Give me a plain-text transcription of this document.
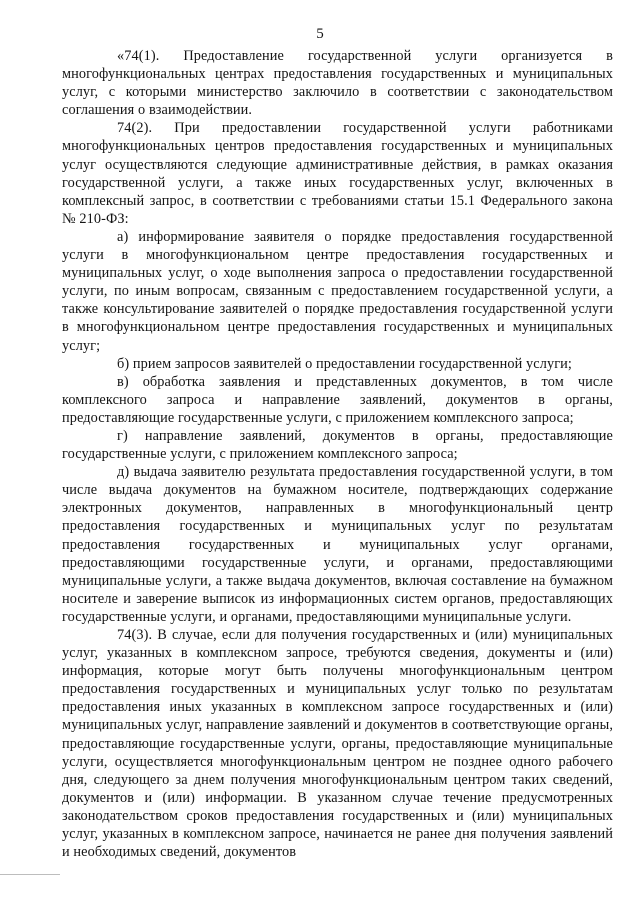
5

«74(1). Предоставление государственной услуги организуется в многофункциональных центрах предоставления государственных и муниципальных услуг, с которыми министерство заключило в соответствии с законодательством соглашения о взаимодействии.

74(2). При предоставлении государственной услуги работниками многофункциональных центров предоставления государственных и муниципальных услуг осуществляются следующие административные действия, в рамках оказания государственной услуги, а также иных государственных услуг, включенных в комплексный запрос, в соответствии с требованиями статьи 15.1 Федерального закона № 210-ФЗ:

а) информирование заявителя о порядке предоставления государственной услуги в многофункциональном центре предоставления государственных и муниципальных услуг, о ходе выполнения запроса о предоставлении государственной услуги, по иным вопросам, связанным с предоставлением государственной услуги, а также консультирование заявителей о порядке предоставления государственной услуги в многофункциональном центре предоставления государственных и муниципальных услуг;

б) прием запросов заявителей о предоставлении государственной услуги;

в) обработка заявления и представленных документов, в том числе комплексного запроса и направление заявлений, документов в органы, предоставляющие государственные услуги, с приложением комплексного запроса;

г) направление заявлений, документов в органы, предоставляющие государственные услуги, с приложением комплексного запроса;

д) выдача заявителю результата предоставления государственной услуги, в том числе выдача документов на бумажном носителе, подтверждающих содержание электронных документов, направленных в многофункциональный центр предоставления государственных и муниципальных услуг по результатам предоставления государственных и муниципальных услуг органами, предоставляющими государственные услуги, и органами, предоставляющими муниципальные услуги, а также выдача документов, включая составление на бумажном носителе и заверение выписок из информационных систем органов, предоставляющих государственные услуги, и органами, предоставляющими муниципальные услуги.

74(3). В случае, если для получения государственных и (или) муниципальных услуг, указанных в комплексном запросе, требуются сведения, документы и (или) информация, которые могут быть получены многофункциональным центром предоставления государственных и муниципальных услуг только по результатам предоставления иных указанных в комплексном запросе государственных и (или) муниципальных услуг, направление заявлений и документов в соответствующие органы, предоставляющие государственные услуги, органы, предоставляющие муниципальные услуги, осуществляется многофункциональным центром не позднее одного рабочего дня, следующего за днем получения многофункциональным центром таких сведений, документов и (или) информации. В указанном случае течение предусмотренных законодательством сроков предоставления государственных и (или) муниципальных услуг, указанных в комплексном запросе, начинается не ранее дня получения заявлений и необходимых сведений, документов
